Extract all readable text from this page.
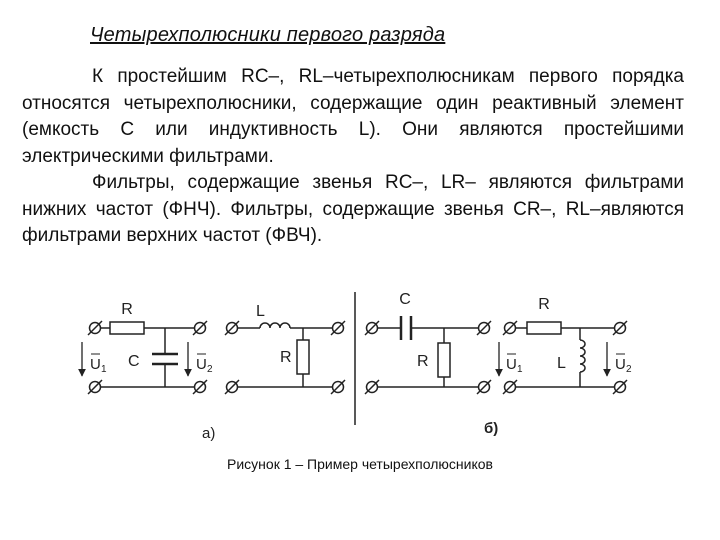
Четырехполюсники первого разряда

К простейшим RC–, RL–четырехполюсникам первого порядка относятся четырехполюсники, содержащие один реактивный элемент (емкость C или индуктивность L). Они являются простейшими электрическими фильтрами.

Фильтры, содержащие звенья RC–, LR– являются фильтрами нижних частот (ФНЧ). Фильтры, содержащие звенья CR–, RL–являются фильтрами верхних частот (ФВЧ).

R
C
L
R
C
R
R
L
U 1	U 2	U 1	U 2
а)	б)
Рисунок 1 – Пример четырехполюсников
